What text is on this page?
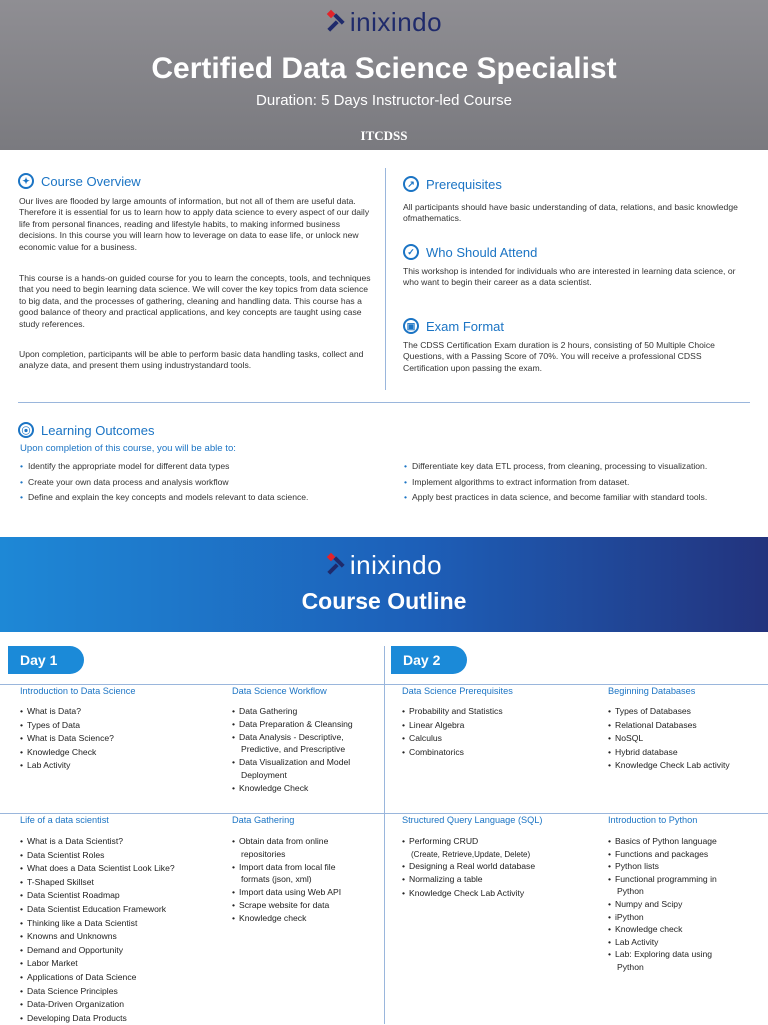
inixindo
Certified Data Science Specialist
Duration: 5 Days Instructor-led Course
ITCDSS
✦ Course Overview
Our lives are flooded by large amounts of information, but not all of them are useful data. Therefore it is essential for us to learn how to apply data science to every aspect of our daily life from personal finances, reading and lifestyle habits, to making informed business decisions. In this course you will learn how to leverage on data to ease life, or unlock new economic value for a business.
This course is a hands-on guided course for you to learn the concepts, tools, and techniques that you need to begin learning data science. We will cover the key topics from data science to big data, and the processes of gathering, cleaning and handling data. This course has a good balance of theory and practical applications, and key concepts are taught using case study references.
Upon completion, participants will be able to perform basic data handling tasks, collect and analyze data, and present them using industrystandard tools.
↗ Prerequisites
All participants should have basic understanding of data, relations, and basic knowledge ofmathematics.
✓ Who Should Attend
This workshop is intended for individuals who are interested in learning data science, or who want to begin their career as a data scientist.
▣ Exam Format
The CDSS Certification Exam duration is 2 hours, consisting of 50 Multiple Choice Questions, with a Passing Score of 70%. You will receive a professional CDSS Certification upon passing the exam.
⦿ Learning Outcomes
Upon completion of this course, you will be able to:
• Identify the appropriate model for different data types
• Create your own data process and analysis workflow
• Define and explain the key concepts and models relevant to data science.
• Differentiate key data ETL process, from cleaning, processing to visualization.
• Implement algorithms to extract information from dataset.
• Apply best practices in data science, and become familiar with standard tools.
inixindo
Course Outline
Day 1	Day 2
Introduction to Data Science
• What is Data?
• Types of Data
• What is Data Science?
• Knowledge Check
• Lab Activity
Data Science Workflow
• Data Gathering
• Data Preparation & Cleansing
• Data Analysis - Descriptive, Predictive, and Prescriptive
• Data Visualization and Model Deployment
• Knowledge Check
Data Science Prerequisites
• Probability and Statistics
• Linear Algebra
• Calculus
• Combinatorics
Beginning Databases
• Types of Databases
• Relational Databases
• NoSQL
• Hybrid database
• Knowledge Check Lab activity
Life of a data scientist
• What is a Data Scientist?
• Data Scientist Roles
• What does a Data Scientist Look Like?
• T-Shaped Skillset
• Data Scientist Roadmap
• Data Scientist Education Framework
• Thinking like a Data Scientist
• Knowns and Unknowns
• Demand and Opportunity
• Labor Market
• Applications of Data Science
• Data Science Principles
• Data-Driven Organization
• Developing Data Products
Data Gathering
• Obtain data from online repositories
• Import data from local file formats (json, xml)
• Import data using Web API
• Scrape website for data
• Knowledge check
Structured Query Language (SQL)
• Performing CRUD
(Create, Retrieve,Update, Delete)
• Designing a Real world database
• Normalizing a table
• Knowledge Check Lab Activity
Introduction to Python
• Basics of Python language
• Functions and packages
• Python lists
• Functional programming in Python
• Numpy and Scipy
• iPython
• Knowledge check
• Lab Activity
• Lab: Exploring data using Python
